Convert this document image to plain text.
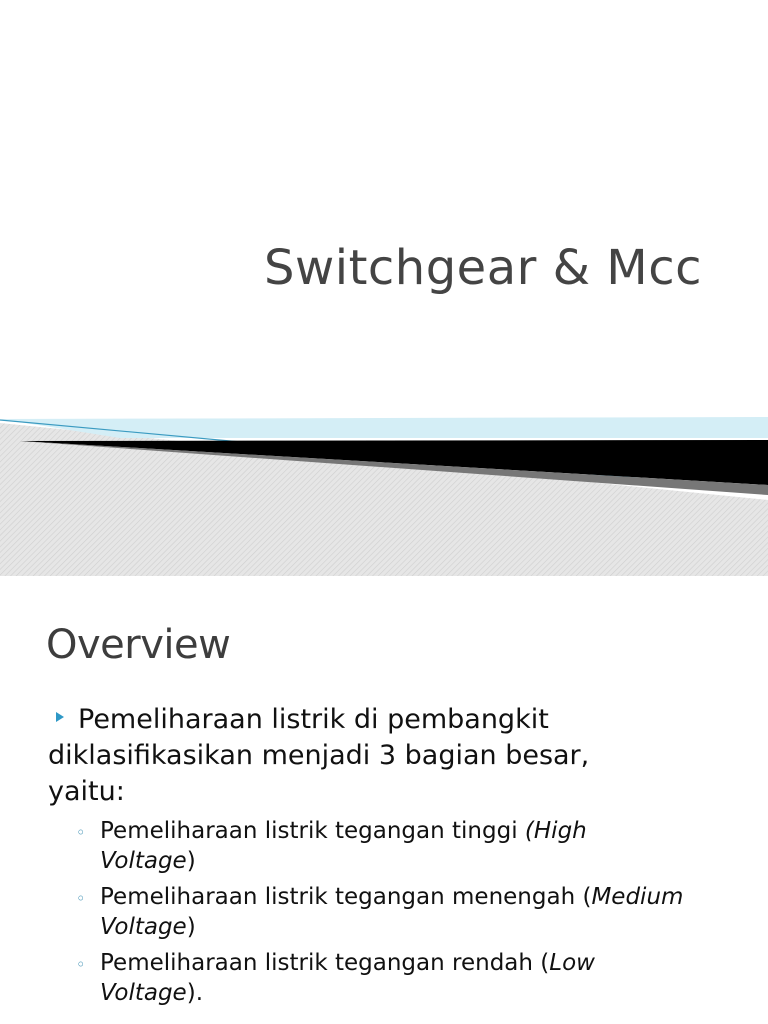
Switchgear & Mcc
Overview
Pemeliharaan listrik di pembangkit
diklasifikasikan menjadi 3 bagian besar,
yaitu:
◦ Pemeliharaan listrik tegangan tinggi (High
Voltage)
◦ Pemeliharaan listrik tegangan menengah (Medium
Voltage)
◦ Pemeliharaan listrik tegangan rendah (Low
Voltage).
